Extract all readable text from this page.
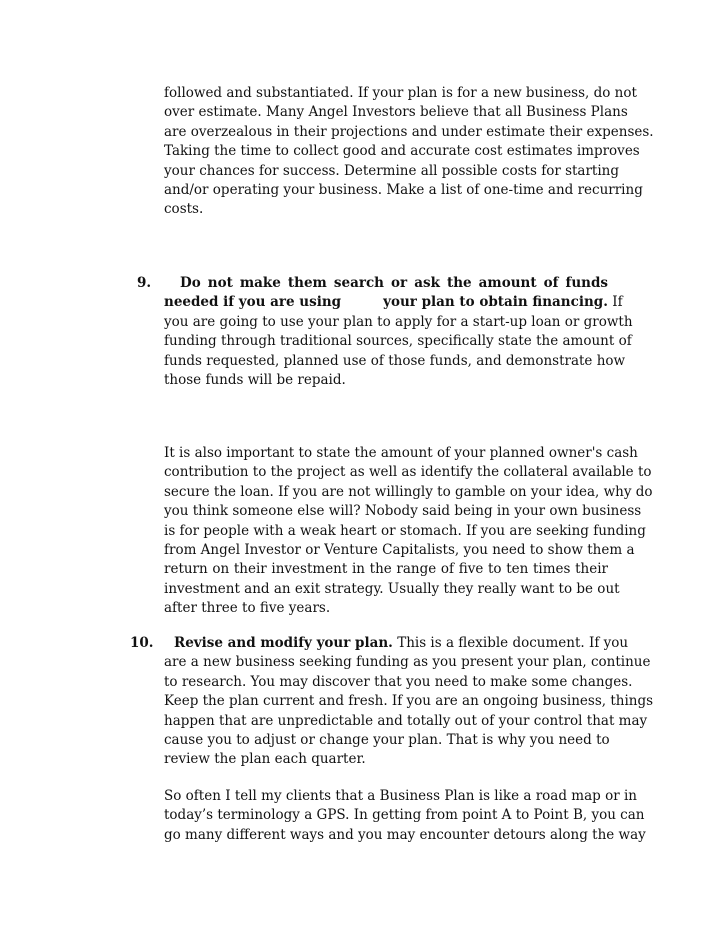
followed and substantiated. If your plan is for a new business, do not
over estimate. Many Angel Investors believe that all Business Plans
are overzealous in their projections and under estimate their expenses.
Taking the time to collect good and accurate cost estimates improves
your chances for success. Determine all possible costs for starting
and/or operating your business. Make a list of one-time and recurring
costs.
9.	Do not make them search or ask the amount of funds
needed if you are using	your plan to obtain financing. If
you are going to use your plan to apply for a start-up loan or growth
funding through traditional sources, specifically state the amount of
funds requested, planned use of those funds, and demonstrate how
those funds will be repaid.
It is also important to state the amount of your planned owner's cash
contribution to the project as well as identify the collateral available to
secure the loan. If you are not willingly to gamble on your idea, why do
you think someone else will? Nobody said being in your own business
is for people with a weak heart or stomach. If you are seeking funding
from Angel Investor or Venture Capitalists, you need to show them a
return on their investment in the range of five to ten times their
investment and an exit strategy. Usually they really want to be out
after three to five years.
10. Revise and modify your plan. This is a flexible document. If you
are a new business seeking funding as you present your plan, continue
to research. You may discover that you need to make some changes.
Keep the plan current and fresh. If you are an ongoing business, things
happen that are unpredictable and totally out of your control that may
cause you to adjust or change your plan. That is why you need to
review the plan each quarter.
So often I tell my clients that a Business Plan is like a road map or in
today’s terminology a GPS. In getting from point A to Point B, you can
go many different ways and you may encounter detours along the way
